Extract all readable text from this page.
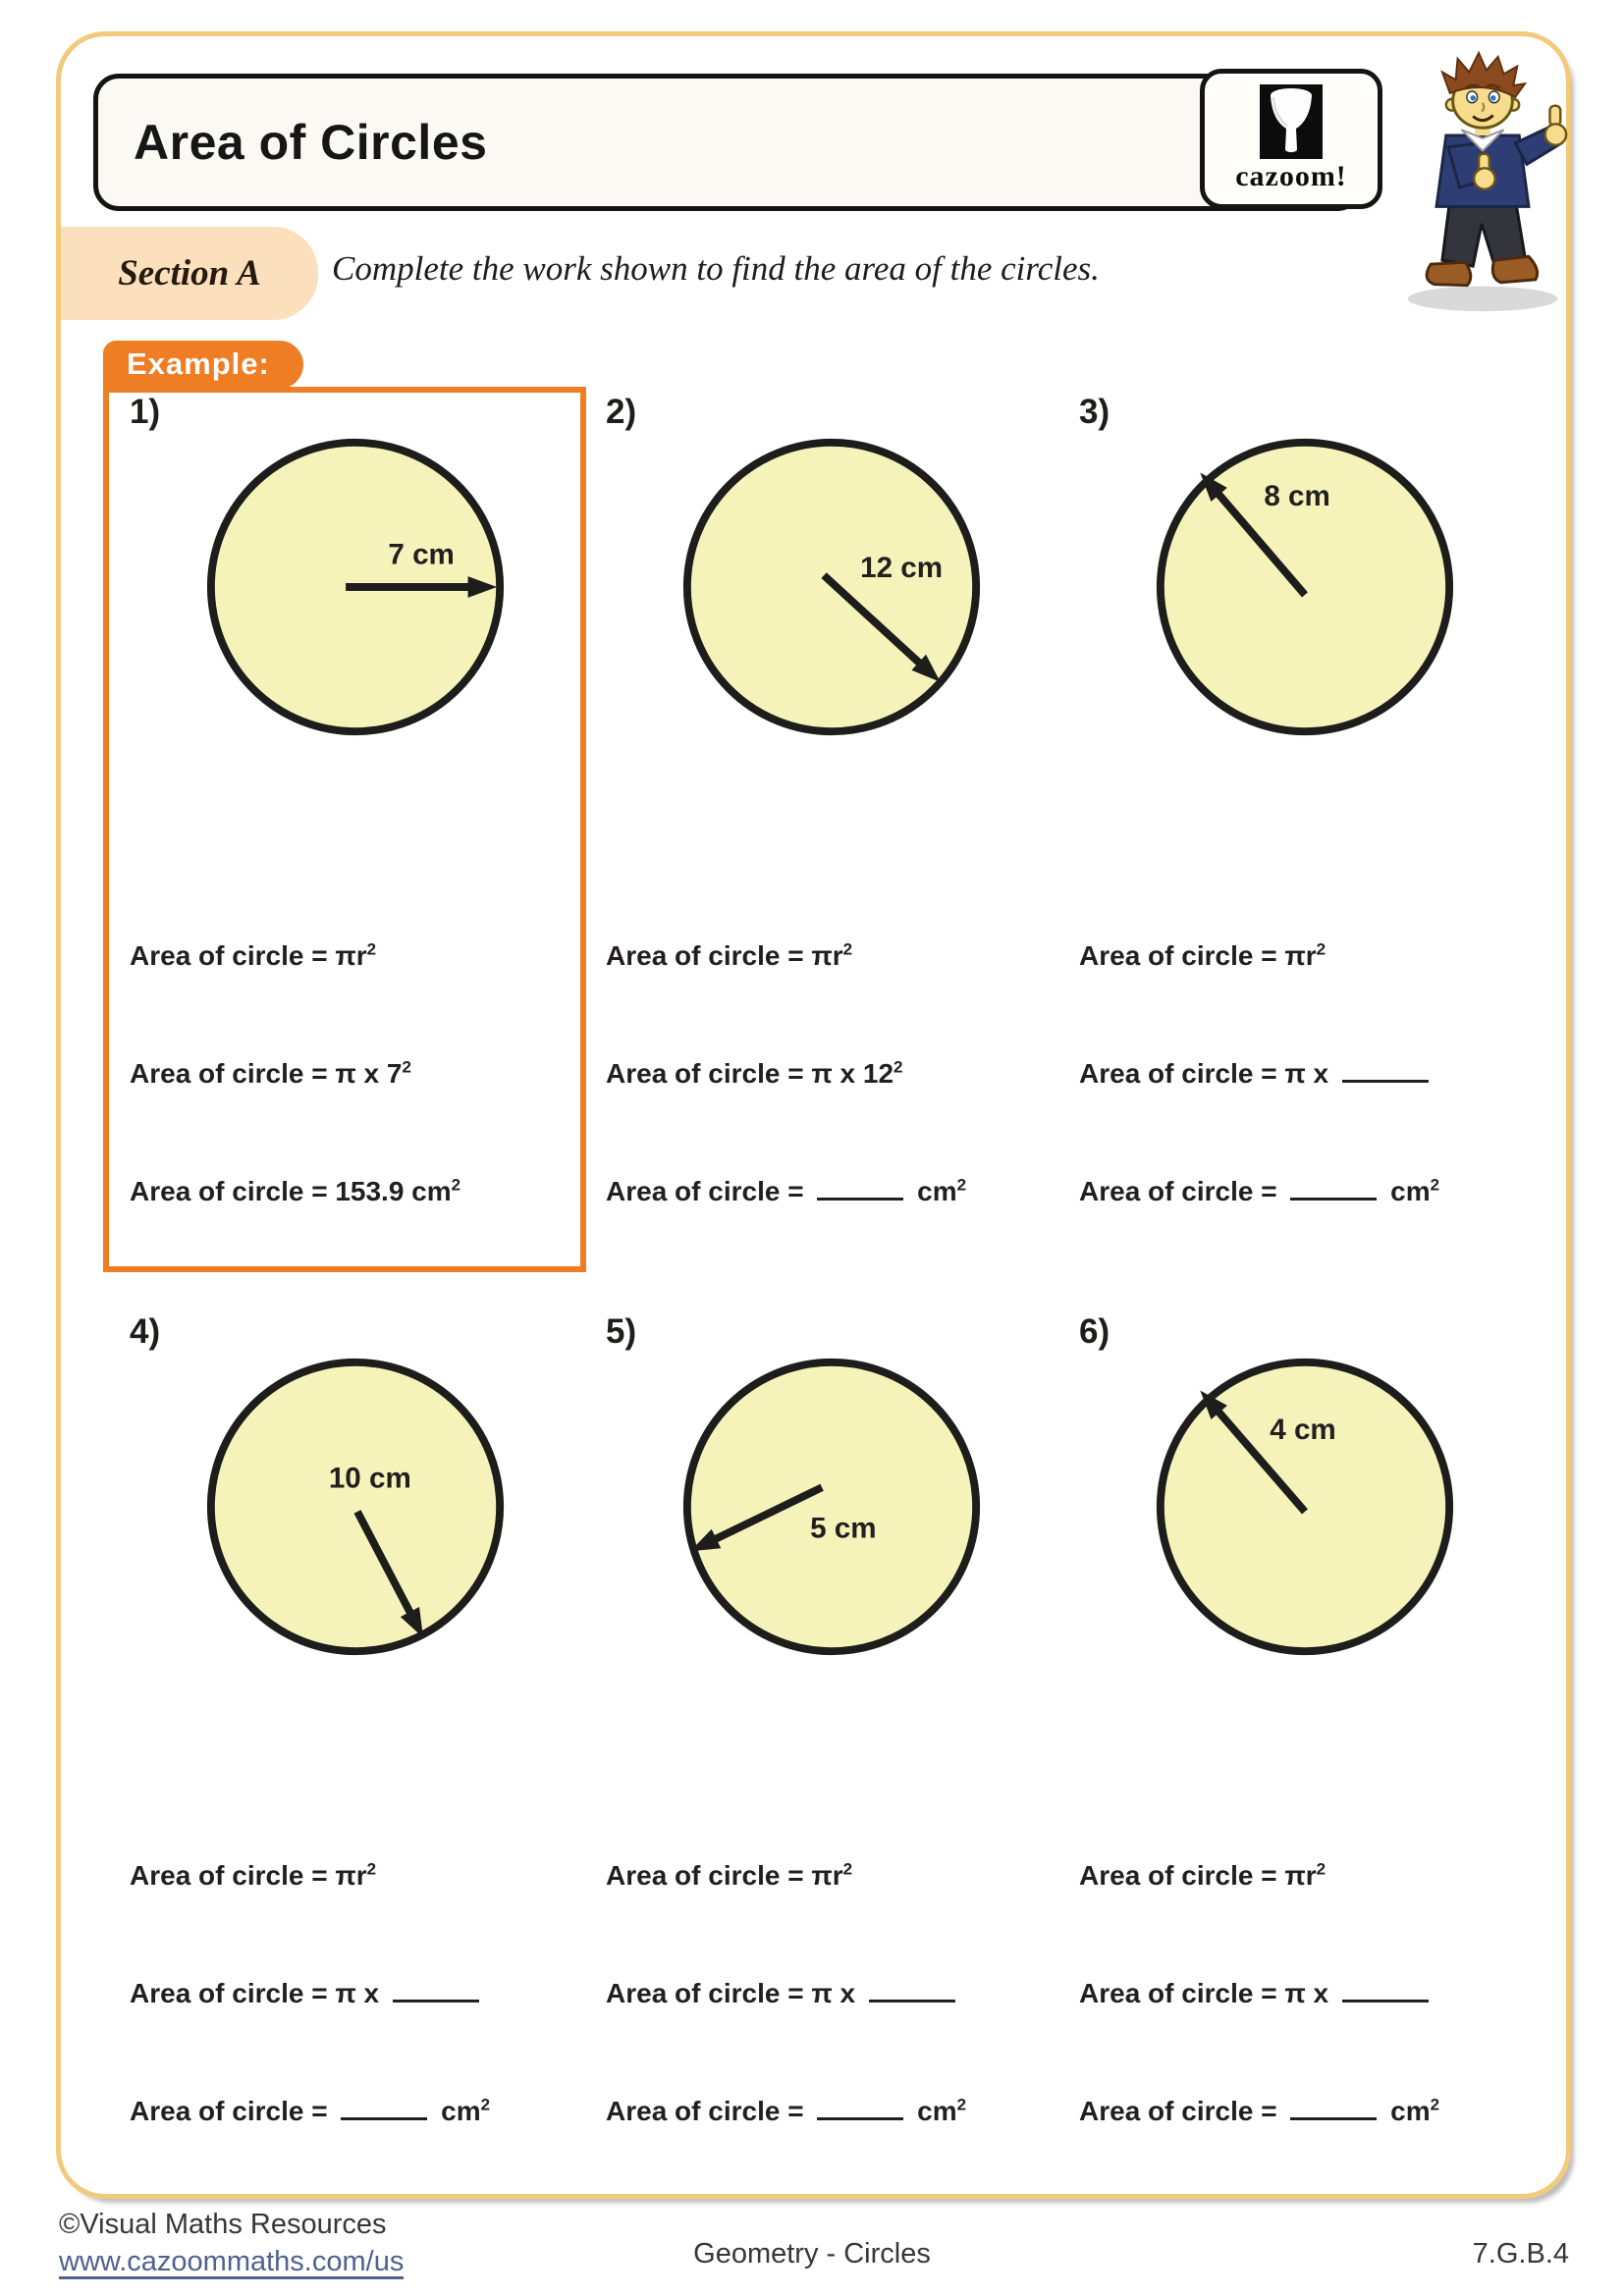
Area of Circles
cazoom!
Section A	Complete the work shown to find the area of the circles.
Example:
1)
7 cm
Area of circle = $\pi r^2$
Area of circle = π x $7^2$
Area of circle = 153.9 $cm^2$
2)
12 cm
Area of circle = $\pi r^2$
Area of circle = π x $12^2$
Area of circle =	$cm^2$
3)
8 cm
Area of circle = $\pi r^2$
Area of circle = π x
Area of circle =	$cm^2$
4)
10 cm
Area of circle = $\pi r^2$
Area of circle = π x
Area of circle =	$cm^2$
5)
5 cm
Area of circle = $\pi r^2$
Area of circle = π x
Area of circle =	$cm^2$
6)
4 cm
Area of circle = $\pi r^2$
Area of circle = π x
Area of circle =	$cm^2$
©Visual Maths Resources
www.cazoommaths.com/us	Geometry - Circles	7.G.B.4
